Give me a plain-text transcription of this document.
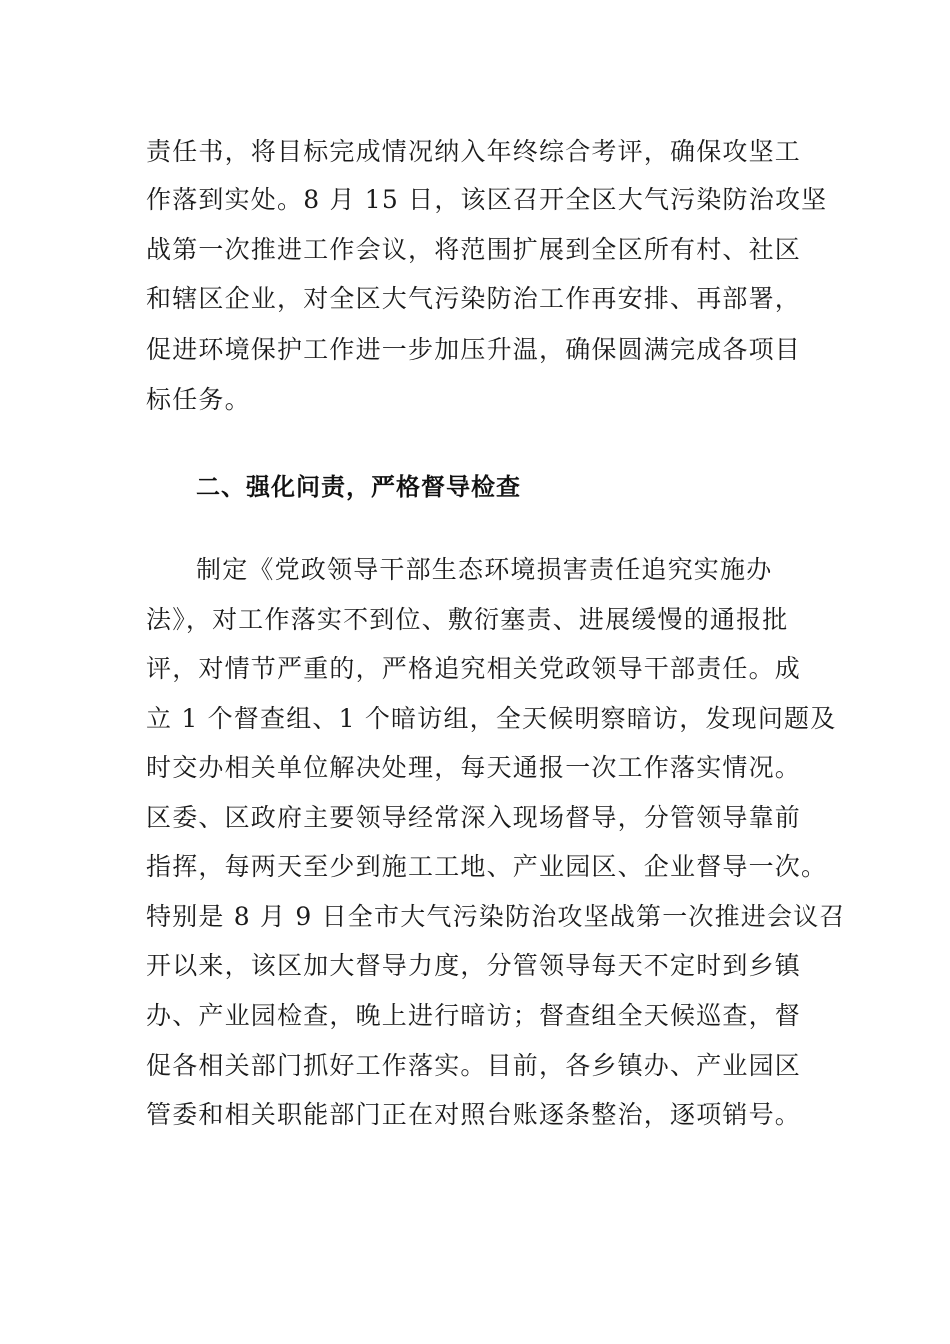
责任书，将目标完成情况纳入年终综合考评，确保攻坚工
作落到实处。8 月 15 日，该区召开全区大气污染防治攻坚
战第一次推进工作会议，将范围扩展到全区所有村、社区
和辖区企业，对全区大气污染防治工作再安排、再部署，
促进环境保护工作进一步加压升温，确保圆满完成各项目
标任务。
二、强化问责，严格督导检查
制定《党政领导干部生态环境损害责任追究实施办
法》，对工作落实不到位、敷衍塞责、进展缓慢的通报批
评，对情节严重的，严格追究相关党政领导干部责任。成
立 1 个督查组、1 个暗访组，全天候明察暗访，发现问题及
时交办相关单位解决处理，每天通报一次工作落实情况。
区委、区政府主要领导经常深入现场督导，分管领导靠前
指挥，每两天至少到施工工地、产业园区、企业督导一次。
特别是 8 月 9 日全市大气污染防治攻坚战第一次推进会议召
开以来，该区加大督导力度，分管领导每天不定时到乡镇
办、产业园检查，晚上进行暗访；督查组全天候巡查，督
促各相关部门抓好工作落实。目前，各乡镇办、产业园区
管委和相关职能部门正在对照台账逐条整治，逐项销号。
